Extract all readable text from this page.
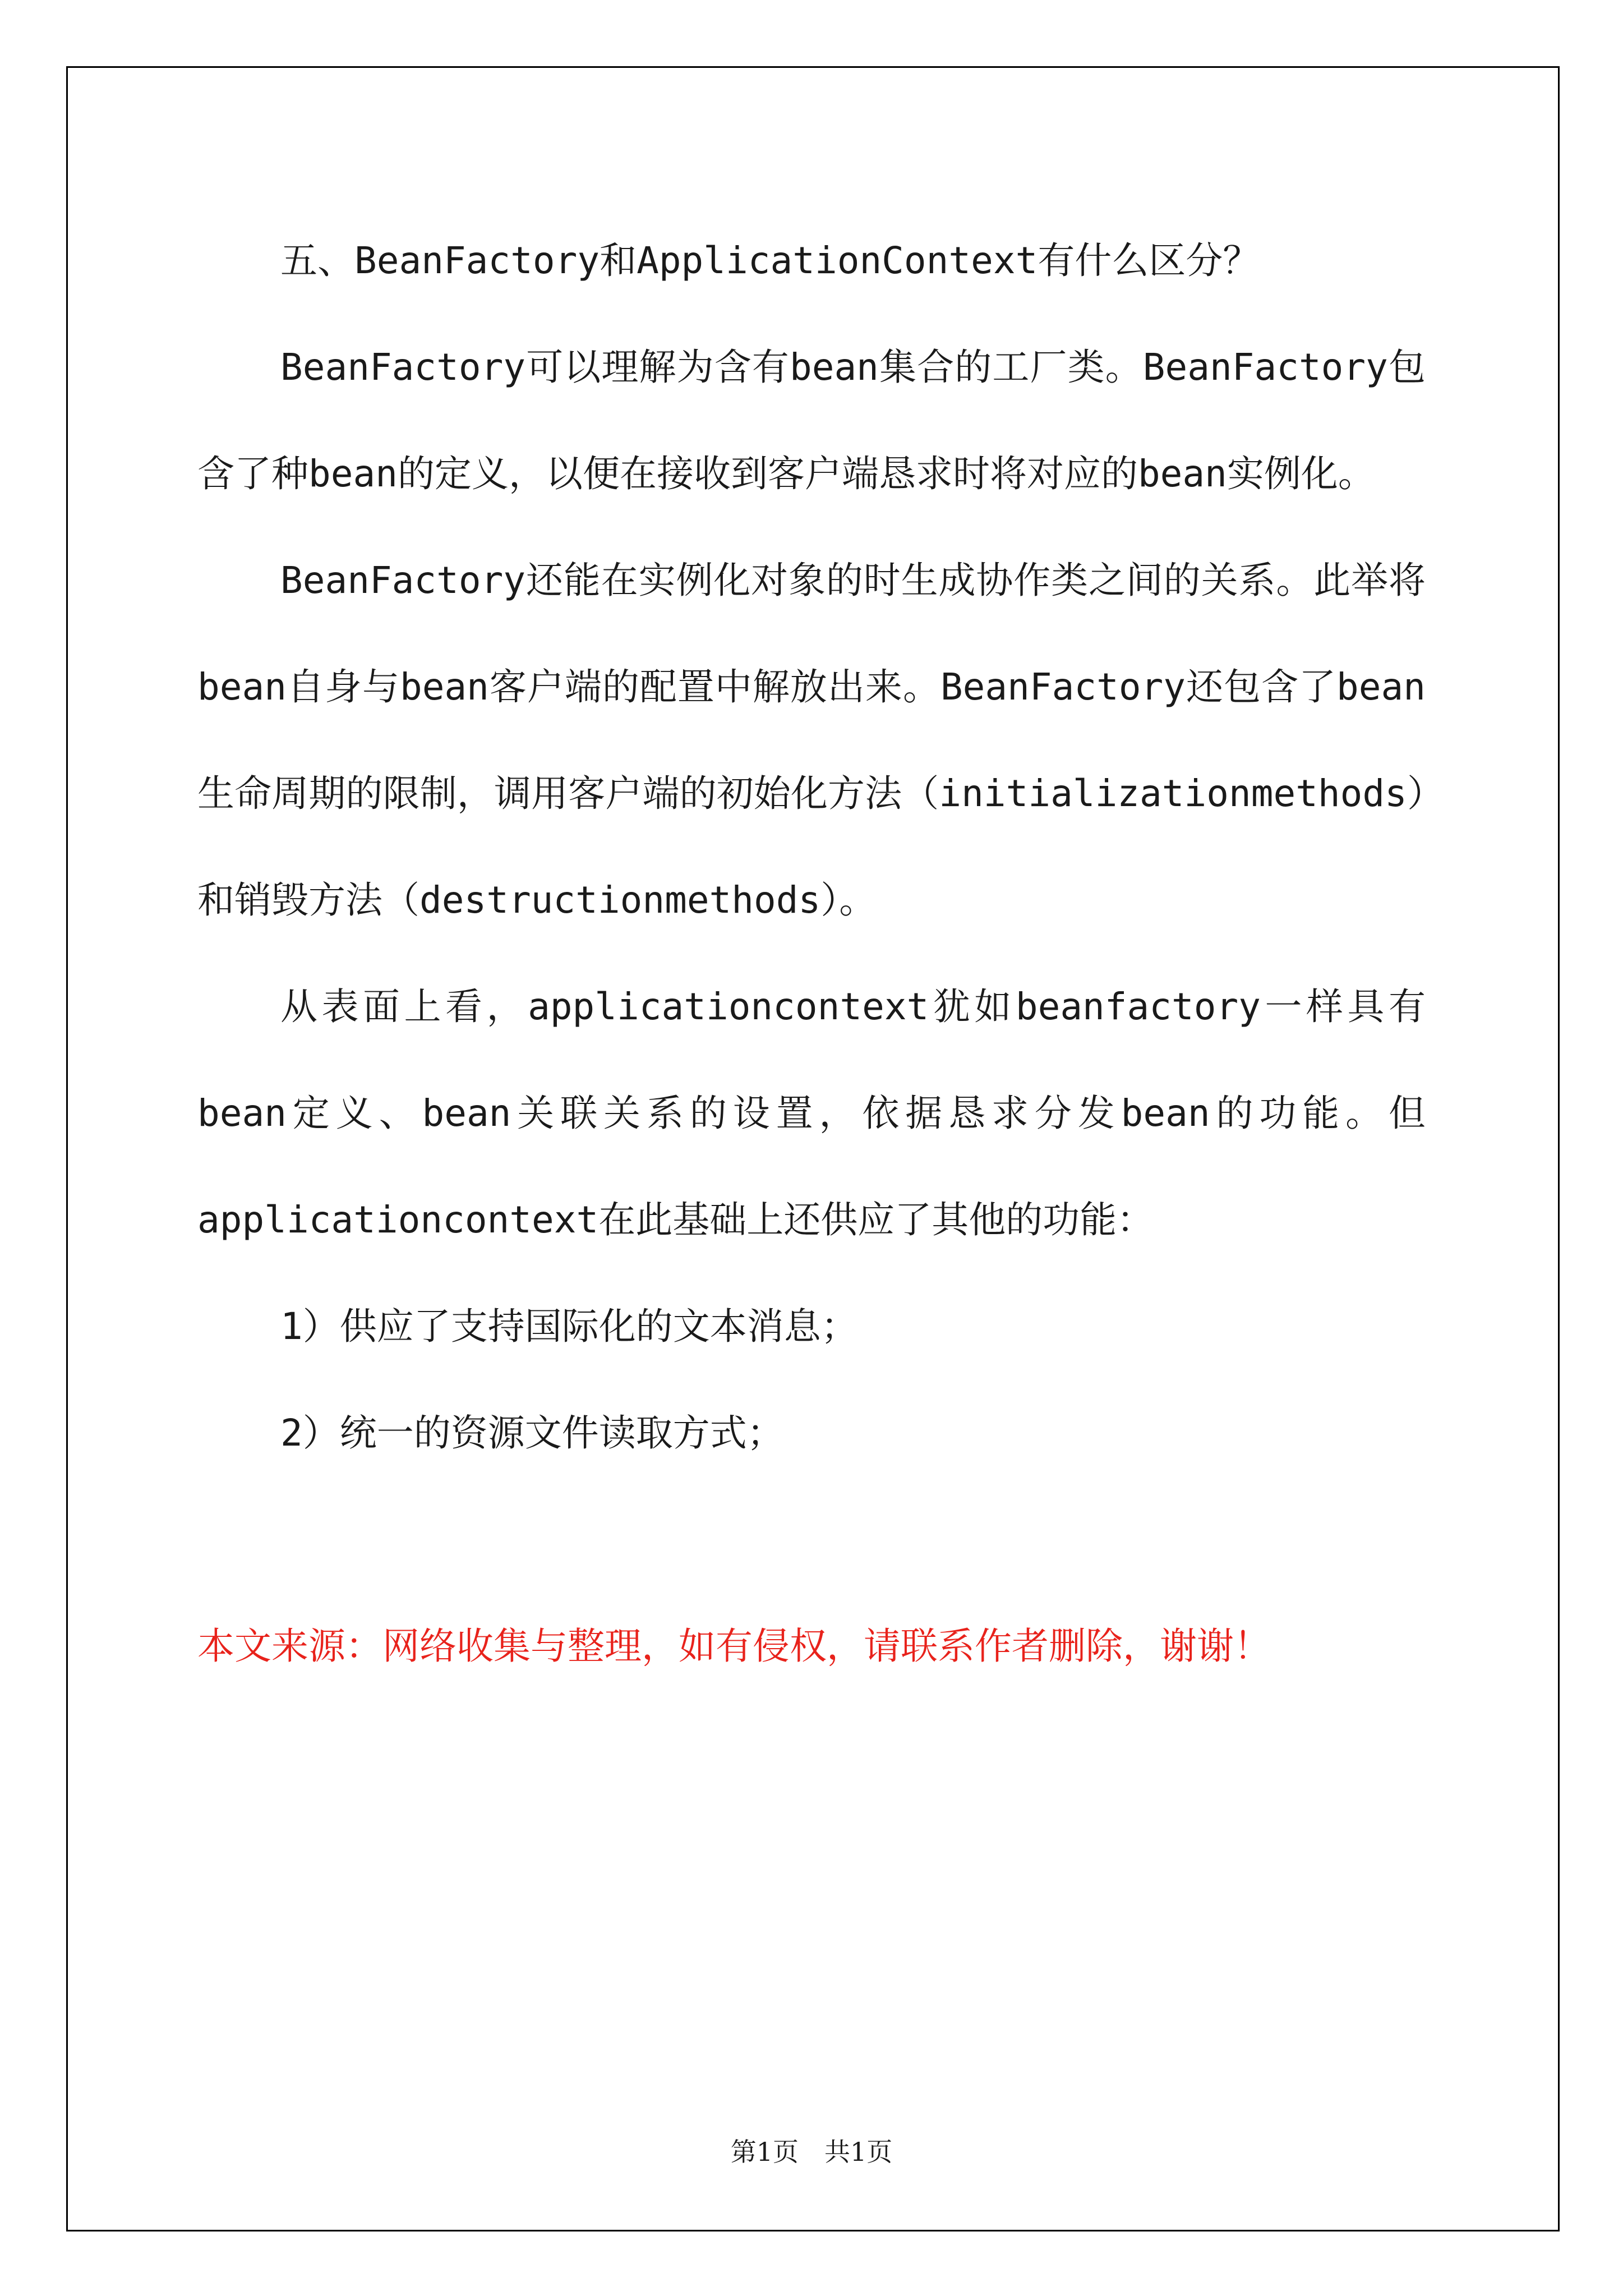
五、BeanFactory和ApplicationContext有什么区分？

BeanFactory可以理解为含有bean集合的工厂类。BeanFactory包含了种bean的定义，以便在接收到客户端恳求时将对应的bean实例化。

BeanFactory还能在实例化对象的时生成协作类之间的关系。此举将bean自身与bean客户端的配置中解放出来。BeanFactory还包含了bean生命周期的限制，调用客户端的初始化方法（initializationmethods）和销毁方法（destructionmethods）。

从表面上看，applicationcontext犹如beanfactory一样具有bean定义、bean关联关系的设置，依据恳求分发bean的功能。但applicationcontext在此基础上还供应了其他的功能：

1）供应了支持国际化的文本消息；

2）统一的资源文件读取方式；

本文来源：网络收集与整理，如有侵权，请联系作者删除，谢谢！

第1页　共1页
